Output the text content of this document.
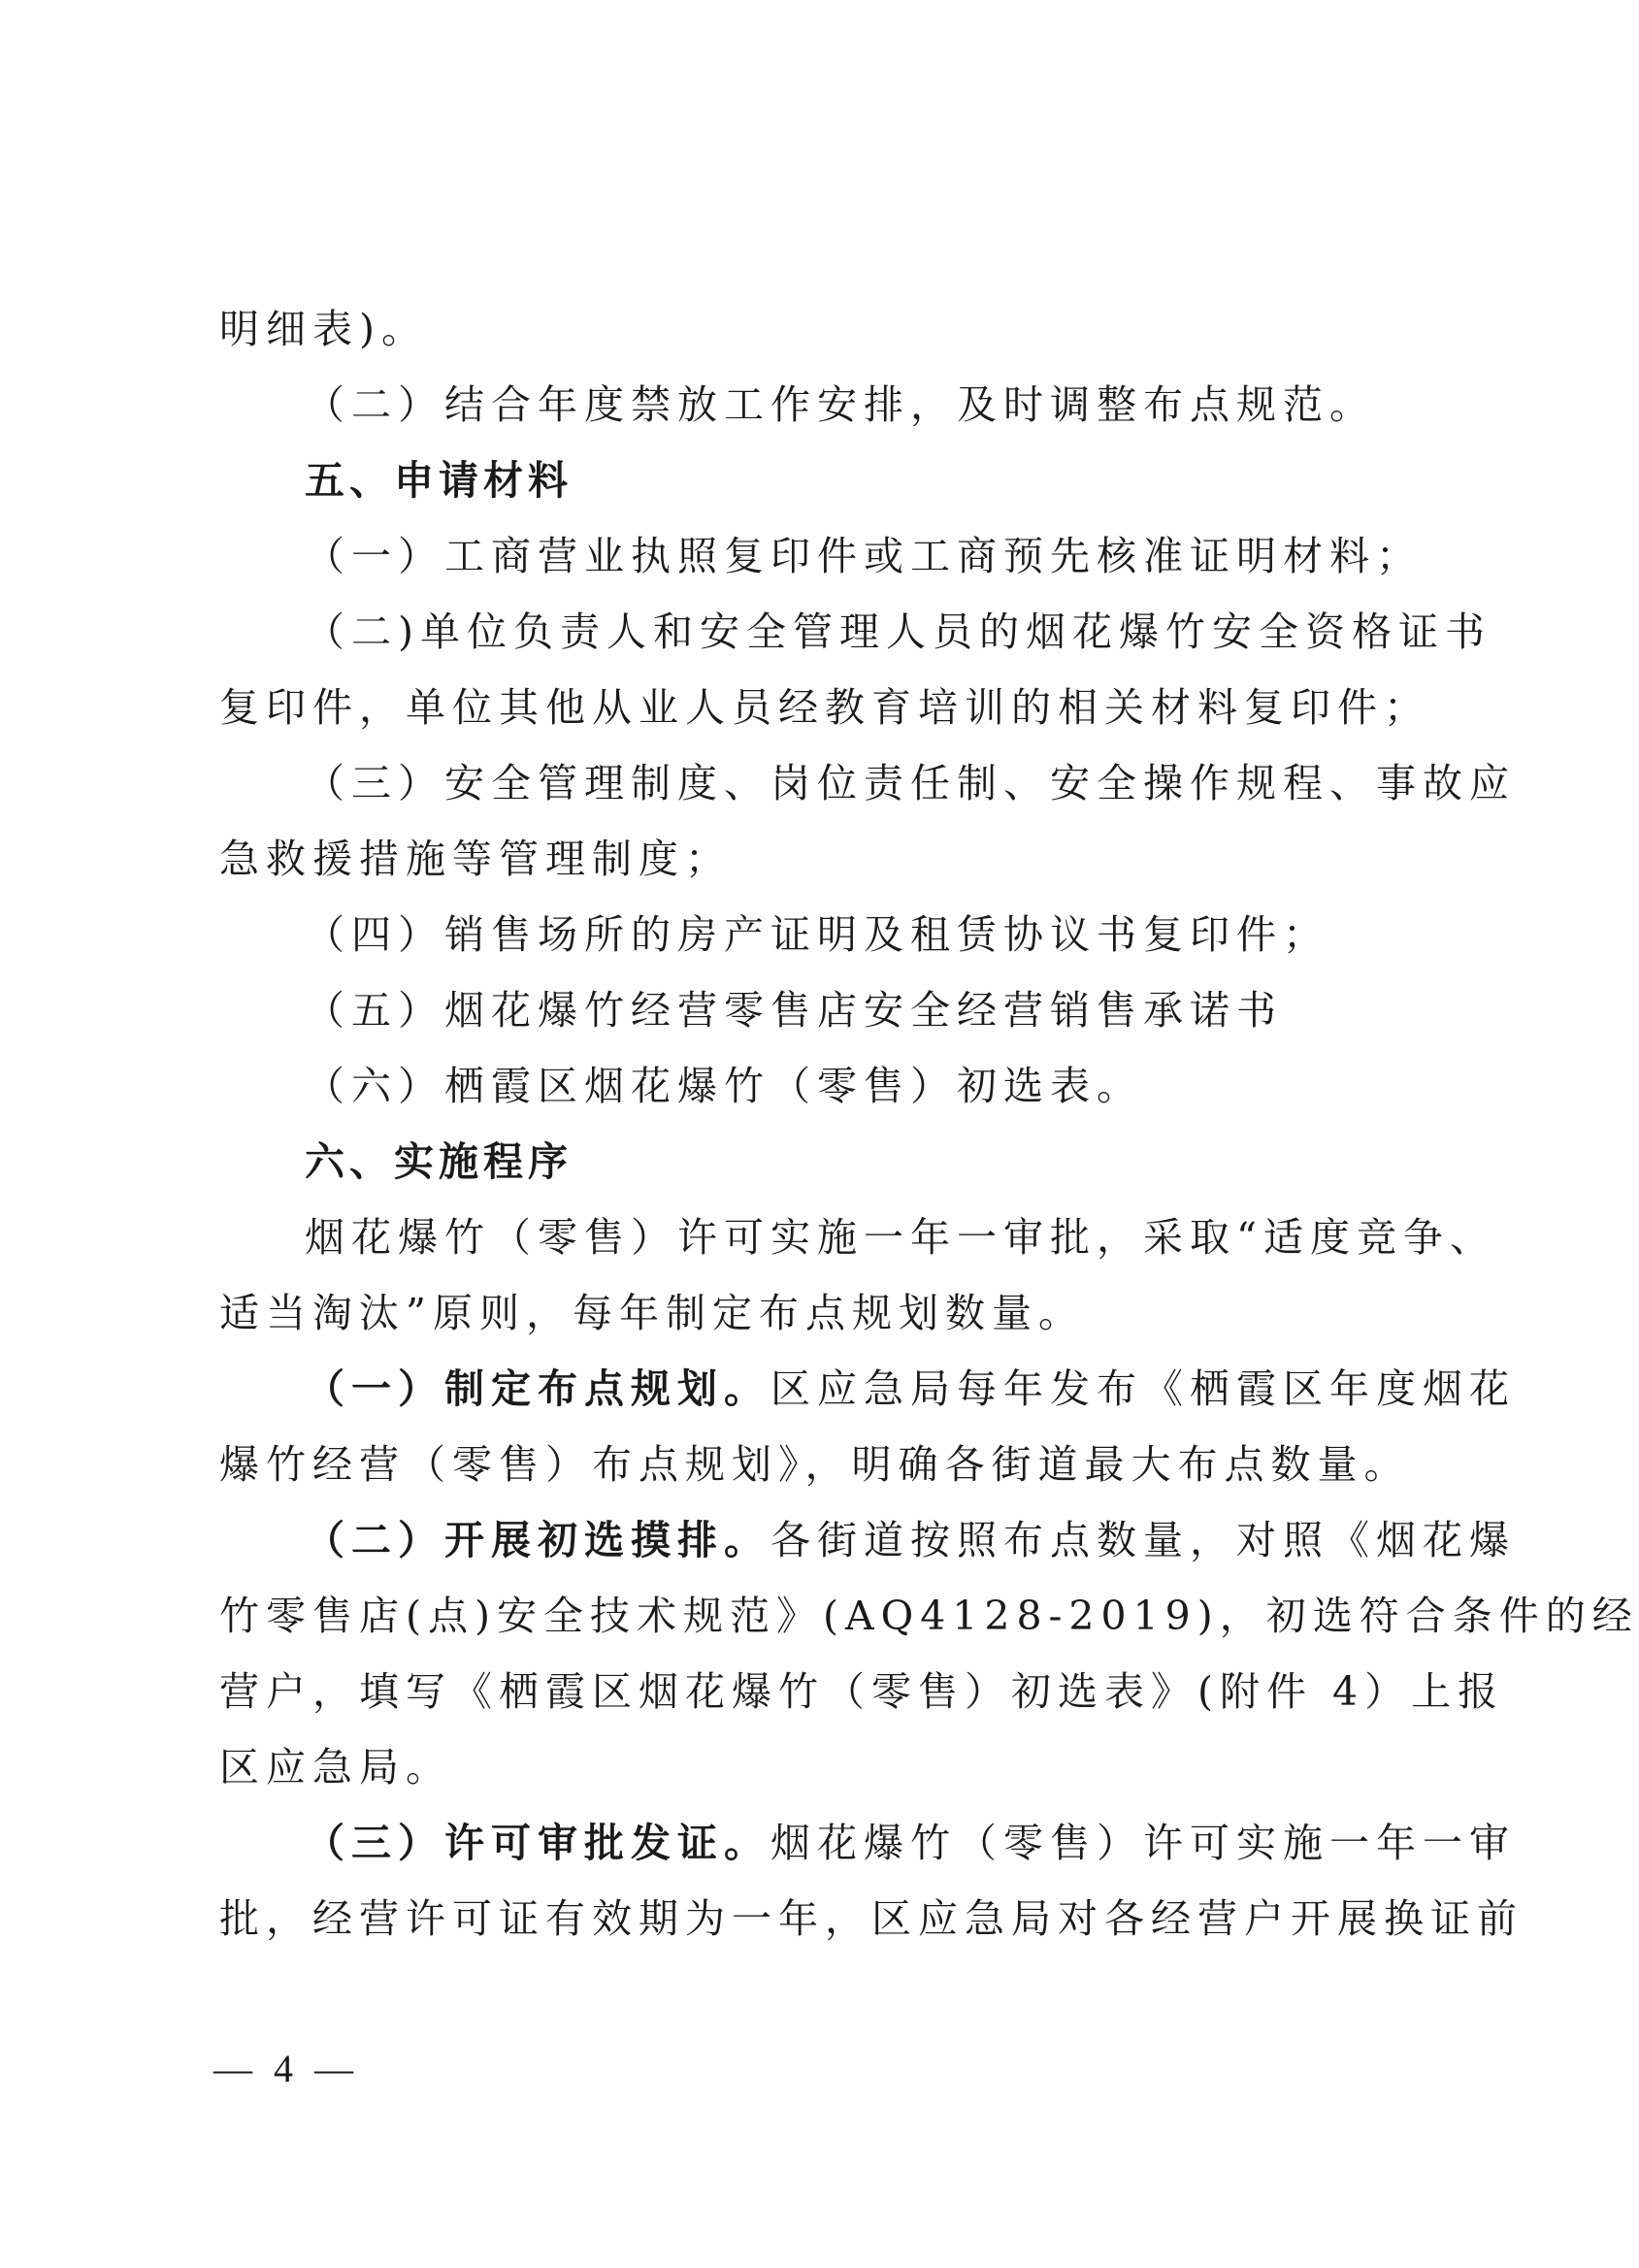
明细表)。

（二）结合年度禁放工作安排，及时调整布点规范。

五、申请材料

（一）工商营业执照复印件或工商预先核准证明材料；

（二)单位负责人和安全管理人员的烟花爆竹安全资格证书

复印件，单位其他从业人员经教育培训的相关材料复印件；

（三）安全管理制度、岗位责任制、安全操作规程、事故应

急救援措施等管理制度；

（四）销售场所的房产证明及租赁协议书复印件；

（五）烟花爆竹经营零售店安全经营销售承诺书

（六）栖霞区烟花爆竹（零售）初选表。

六、实施程序

烟花爆竹（零售）许可实施一年一审批，采取“适度竞争、

适当淘汰”原则，每年制定布点规划数量。

（一）制定布点规划。区应急局每年发布《栖霞区年度烟花

爆竹经营（零售）布点规划》，明确各街道最大布点数量。

（二）开展初选摸排。各街道按照布点数量，对照《烟花爆

竹零售店(点)安全技术规范》(AQ4128-2019)，初选符合条件的经

营户，填写《栖霞区烟花爆竹（零售）初选表》(附件 4）上报

区应急局。

（三）许可审批发证。烟花爆竹（零售）许可实施一年一审

批，经营许可证有效期为一年，区应急局对各经营户开展换证前

— 4 —
